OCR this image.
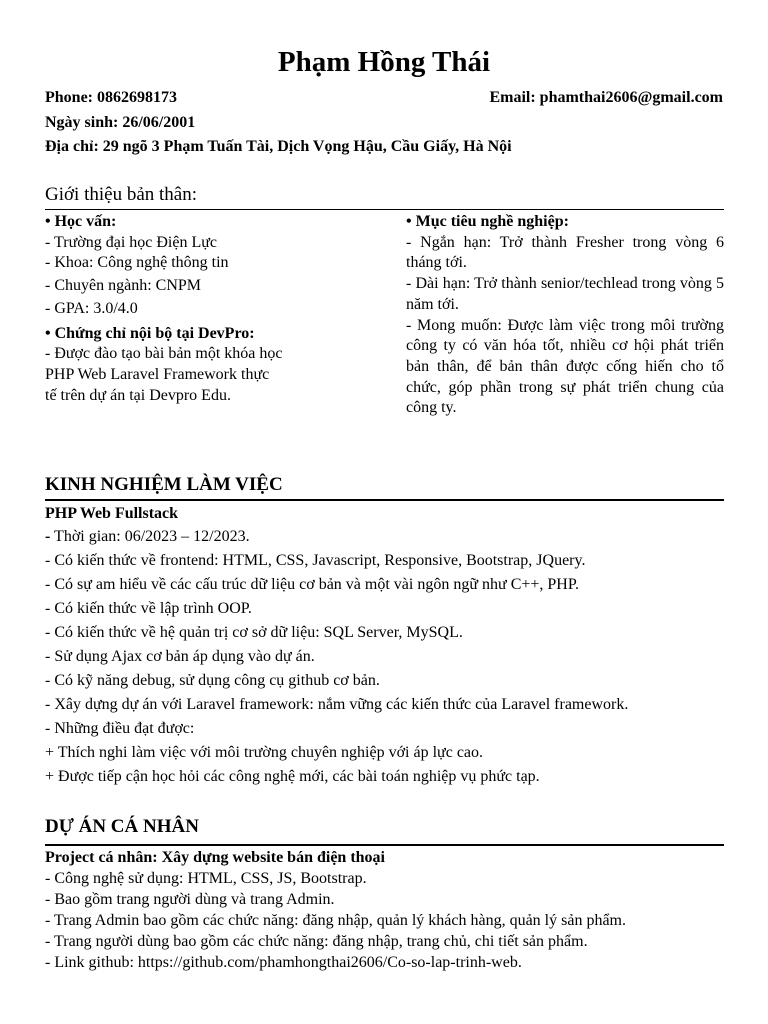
Phạm Hồng Thái
Phone: 0862698173	Email: phamthai2606@gmail.com
Ngày sinh: 26/06/2001
Địa chỉ: 29 ngõ 3 Phạm Tuấn Tài, Dịch Vọng Hậu, Cầu Giấy, Hà Nội
Giới thiệu bản thân:
• Học vấn:
- Trường đại học Điện Lực
- Khoa: Công nghệ thông tin
- Chuyên ngành: CNPM
- GPA: 3.0/4.0
• Chứng chỉ nội bộ tại DevPro:
- Được đào tạo bài bản một khóa học
PHP Web Laravel Framework thực
tế trên dự án tại Devpro Edu.
• Mục tiêu nghề nghiệp:
- Ngắn hạn: Trở thành Fresher trong vòng 6 tháng tới.
- Dài hạn: Trở thành senior/techlead trong vòng 5 năm tới.
- Mong muốn: Được làm việc trong môi trường công ty có văn hóa tốt, nhiều cơ hội phát triển bản thân, để bản thân được cống hiến cho tổ chức, góp phần trong sự phát triển chung của công ty.
KINH NGHIỆM LÀM VIỆC
PHP Web Fullstack
- Thời gian: 06/2023 – 12/2023.
- Có kiến thức về frontend: HTML, CSS, Javascript, Responsive, Bootstrap, JQuery.
- Có sự am hiểu về các cấu trúc dữ liệu cơ bản và một vài ngôn ngữ như C++, PHP.
- Có kiến thức về lập trình OOP.
- Có kiến thức về hệ quản trị cơ sở dữ liệu: SQL Server, MySQL.
- Sử dụng Ajax cơ bản áp dụng vào dự án.
- Có kỹ năng debug, sử dụng công cụ github cơ bản.
- Xây dựng dự án với Laravel framework: nắm vững các kiến thức của Laravel framework.
- Những điều đạt được:
+ Thích nghi làm việc với môi trường chuyên nghiệp với áp lực cao.
+ Được tiếp cận học hỏi các công nghệ mới, các bài toán nghiệp vụ phức tạp.
DỰ ÁN CÁ NHÂN
Project cá nhân: Xây dựng website bán điện thoại
- Công nghệ sử dụng: HTML, CSS, JS, Bootstrap.
- Bao gồm trang người dùng và trang Admin.
- Trang Admin bao gồm các chức năng: đăng nhập, quản lý khách hàng, quản lý sản phẩm.
- Trang người dùng bao gồm các chức năng: đăng nhập, trang chủ, chi tiết sản phẩm.
- Link github: https://github.com/phamhongthai2606/Co-so-lap-trinh-web.
